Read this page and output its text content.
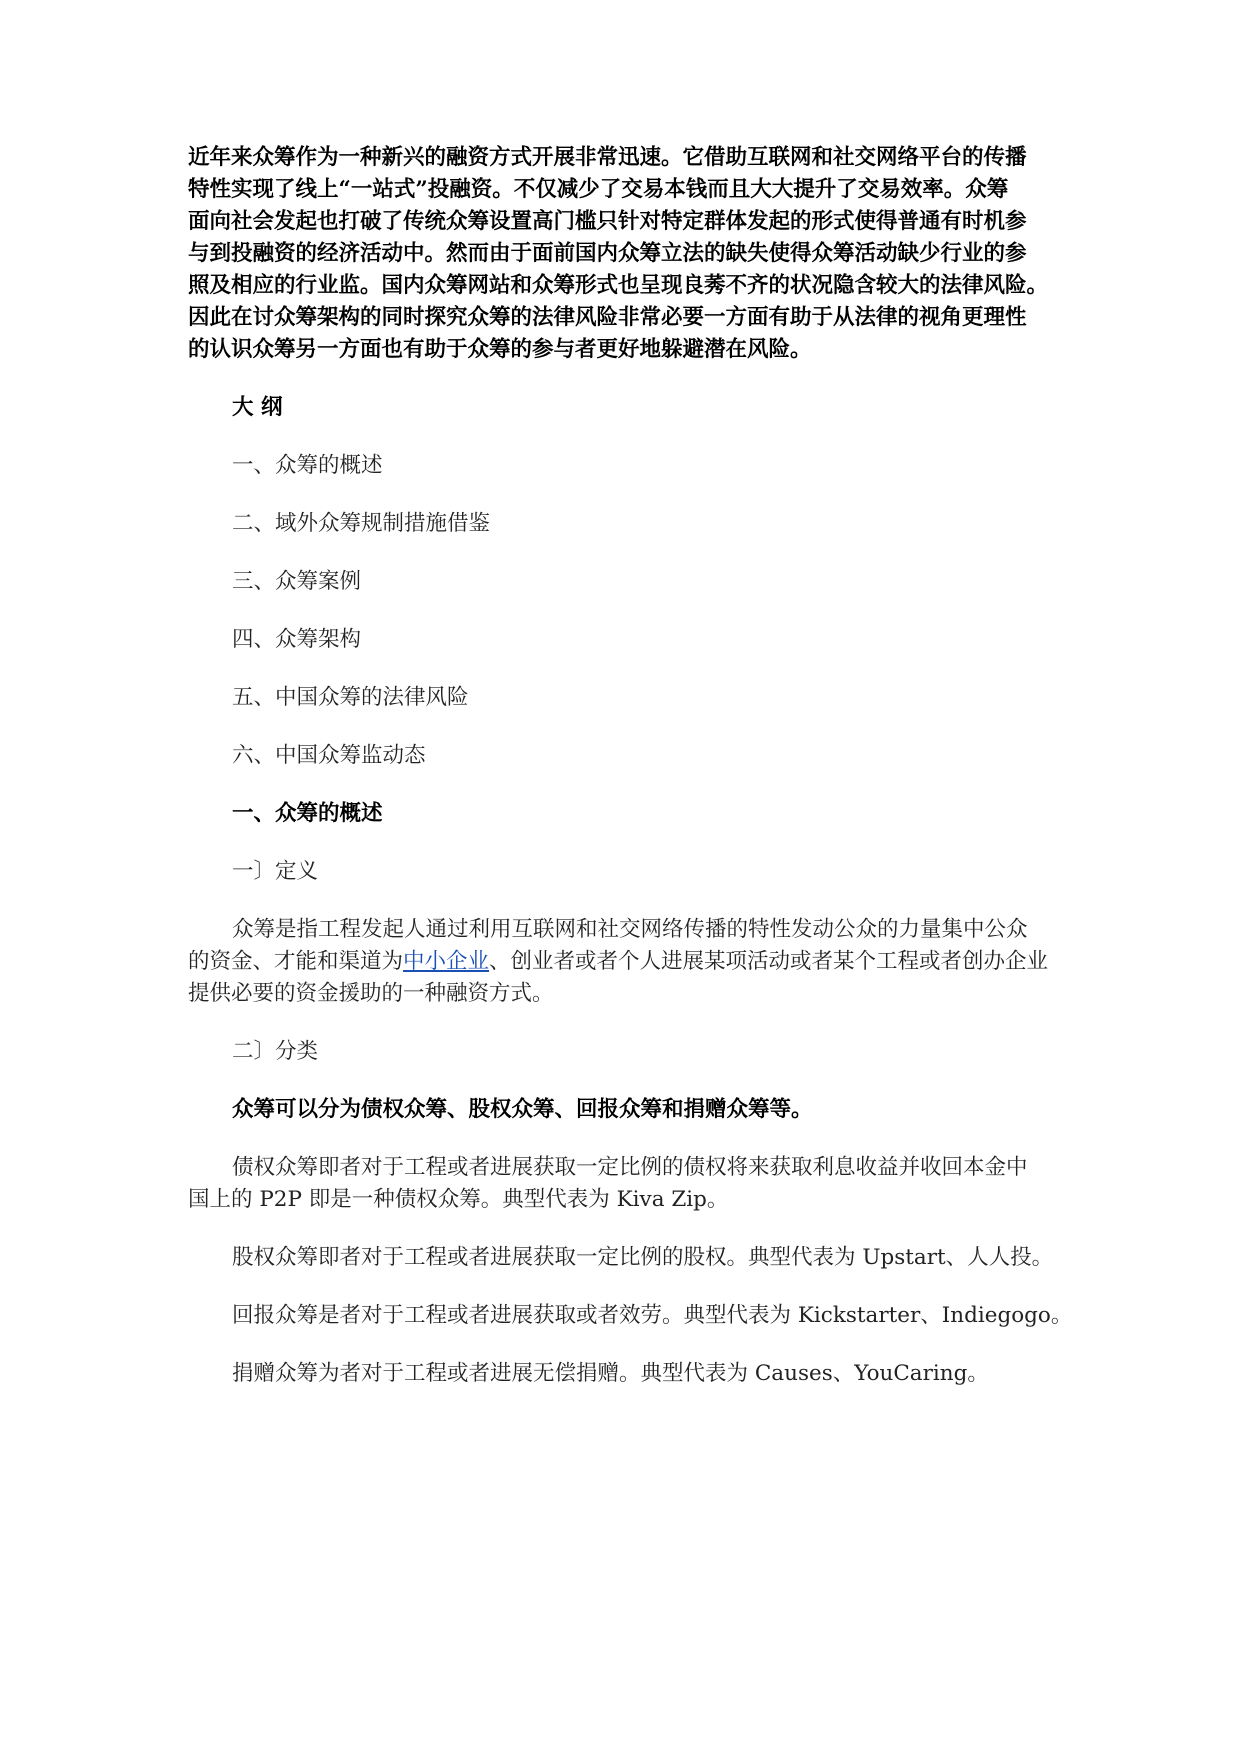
近年来众筹作为一种新兴的融资方式开展非常迅速。它借助互联网和社交网络平台的传播
特性实现了线上“一站式”投融资。不仅减少了交易本钱而且大大提升了交易效率。众筹
面向社会发起也打破了传统众筹设置高门槛只针对特定群体发起的形式使得普通有时机参
与到投融资的经济活动中。然而由于面前国内众筹立法的缺失使得众筹活动缺少行业的参
照及相应的行业监。国内众筹网站和众筹形式也呈现良莠不齐的状况隐含较大的法律风险。
因此在讨众筹架构的同时探究众筹的法律风险非常必要一方面有助于从法律的视角更理性
的认识众筹另一方面也有助于众筹的参与者更好地躲避潜在风险。
大 纲
一、众筹的概述
二、域外众筹规制措施借鉴
三、众筹案例
四、众筹架构
五、中国众筹的法律风险
六、中国众筹监动态
一、众筹的概述
一〕定义
众筹是指工程发起人通过利用互联网和社交网络传播的特性发动公众的力量集中公众
的资金、才能和渠道为中小企业、创业者或者个人进展某项活动或者某个工程或者创办企业
提供必要的资金援助的一种融资方式。
二〕分类
众筹可以分为债权众筹、股权众筹、回报众筹和捐赠众筹等。
债权众筹即者对于工程或者进展获取一定比例的债权将来获取利息收益并收回本金中
国上的 P2P 即是一种债权众筹。典型代表为 Kiva Zip。
股权众筹即者对于工程或者进展获取一定比例的股权。典型代表为 Upstart、人人投。
回报众筹是者对于工程或者进展获取或者效劳。典型代表为 Kickstarter、Indiegogo。
捐赠众筹为者对于工程或者进展无偿捐赠。典型代表为 Causes、YouCaring。
